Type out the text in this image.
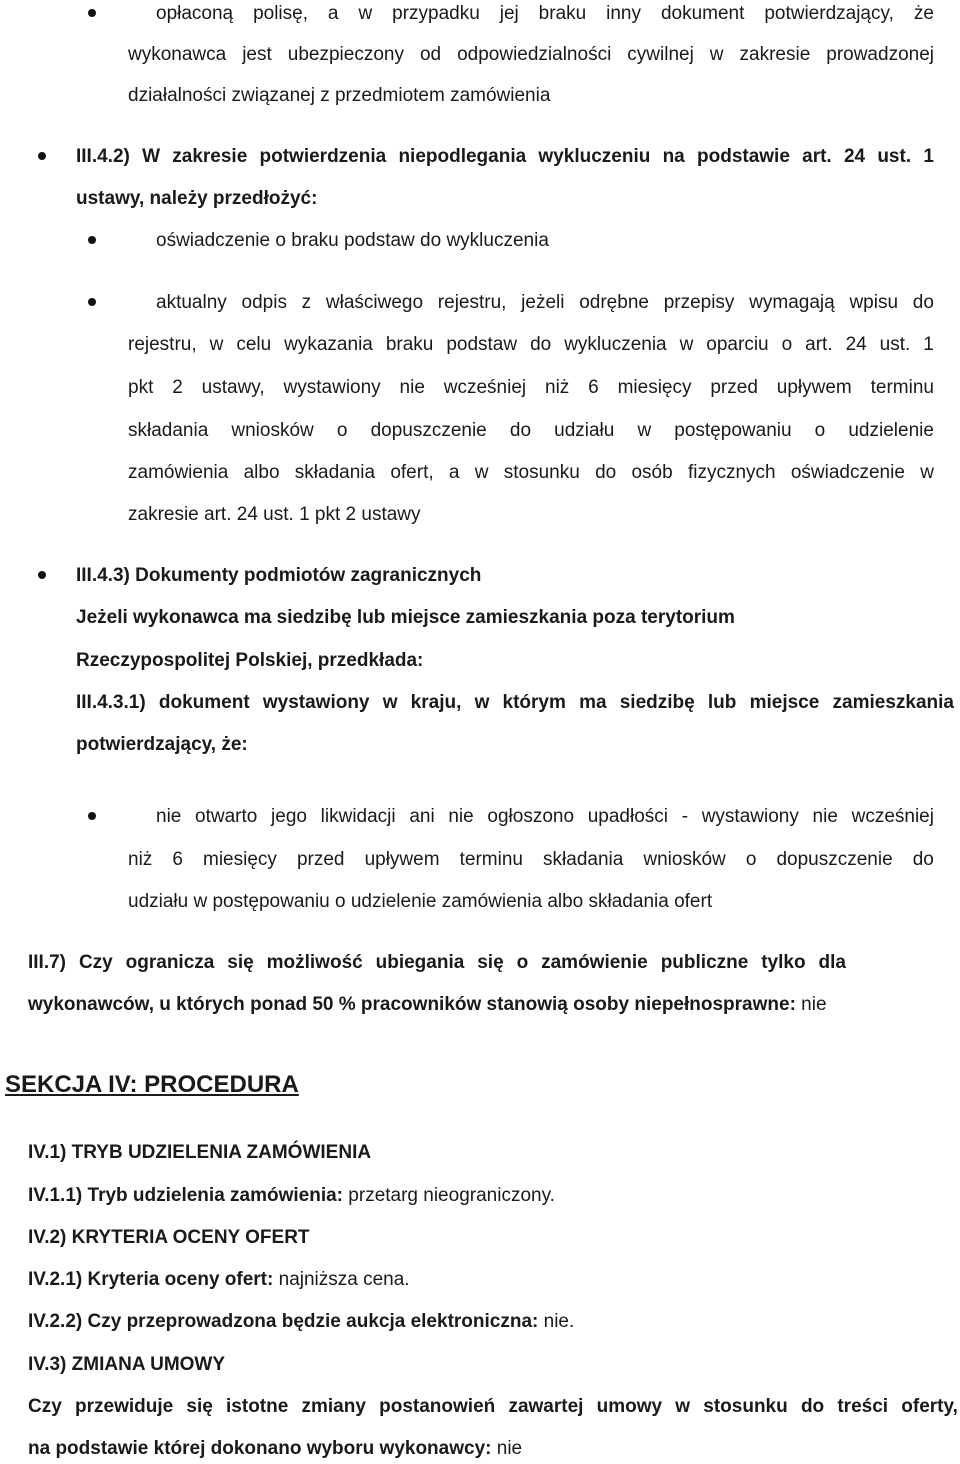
opłaconą polisę, a w przypadku jej braku inny dokument potwierdzający, że
wykonawca jest ubezpieczony od odpowiedzialności cywilnej w zakresie prowadzonej
działalności związanej z przedmiotem zamówienia
III.4.2) W zakresie potwierdzenia niepodlegania wykluczeniu na podstawie art. 24 ust. 1
ustawy, należy przedłożyć:
oświadczenie o braku podstaw do wykluczenia
aktualny odpis z właściwego rejestru, jeżeli odrębne przepisy wymagają wpisu do
rejestru, w celu wykazania braku podstaw do wykluczenia w oparciu o art. 24 ust. 1
pkt 2 ustawy, wystawiony nie wcześniej niż 6 miesięcy przed upływem terminu
składania wniosków o dopuszczenie do udziału w postępowaniu o udzielenie
zamówienia albo składania ofert, a w stosunku do osób fizycznych oświadczenie w
zakresie art. 24 ust. 1 pkt 2 ustawy
III.4.3) Dokumenty podmiotów zagranicznych
Jeżeli wykonawca ma siedzibę lub miejsce zamieszkania poza terytorium
Rzeczypospolitej Polskiej, przedkłada:
III.4.3.1) dokument wystawiony w kraju, w którym ma siedzibę lub miejsce zamieszkania
potwierdzający, że:
nie otwarto jego likwidacji ani nie ogłoszono upadłości - wystawiony nie wcześniej
niż 6 miesięcy przed upływem terminu składania wniosków o dopuszczenie do
udziału w postępowaniu o udzielenie zamówienia albo składania ofert
III.7) Czy ogranicza się możliwość ubiegania się o zamówienie publiczne tylko dla
wykonawców, u których ponad 50 % pracowników stanowią osoby niepełnosprawne: nie
SEKCJA IV: PROCEDURA
IV.1) TRYB UDZIELENIA ZAMÓWIENIA
IV.1.1) Tryb udzielenia zamówienia: przetarg nieograniczony.
IV.2) KRYTERIA OCENY OFERT
IV.2.1) Kryteria oceny ofert: najniższa cena.
IV.2.2) Czy przeprowadzona będzie aukcja elektroniczna: nie.
IV.3) ZMIANA UMOWY
Czy przewiduje się istotne zmiany postanowień zawartej umowy w stosunku do treści oferty,
na podstawie której dokonano wyboru wykonawcy: nie
